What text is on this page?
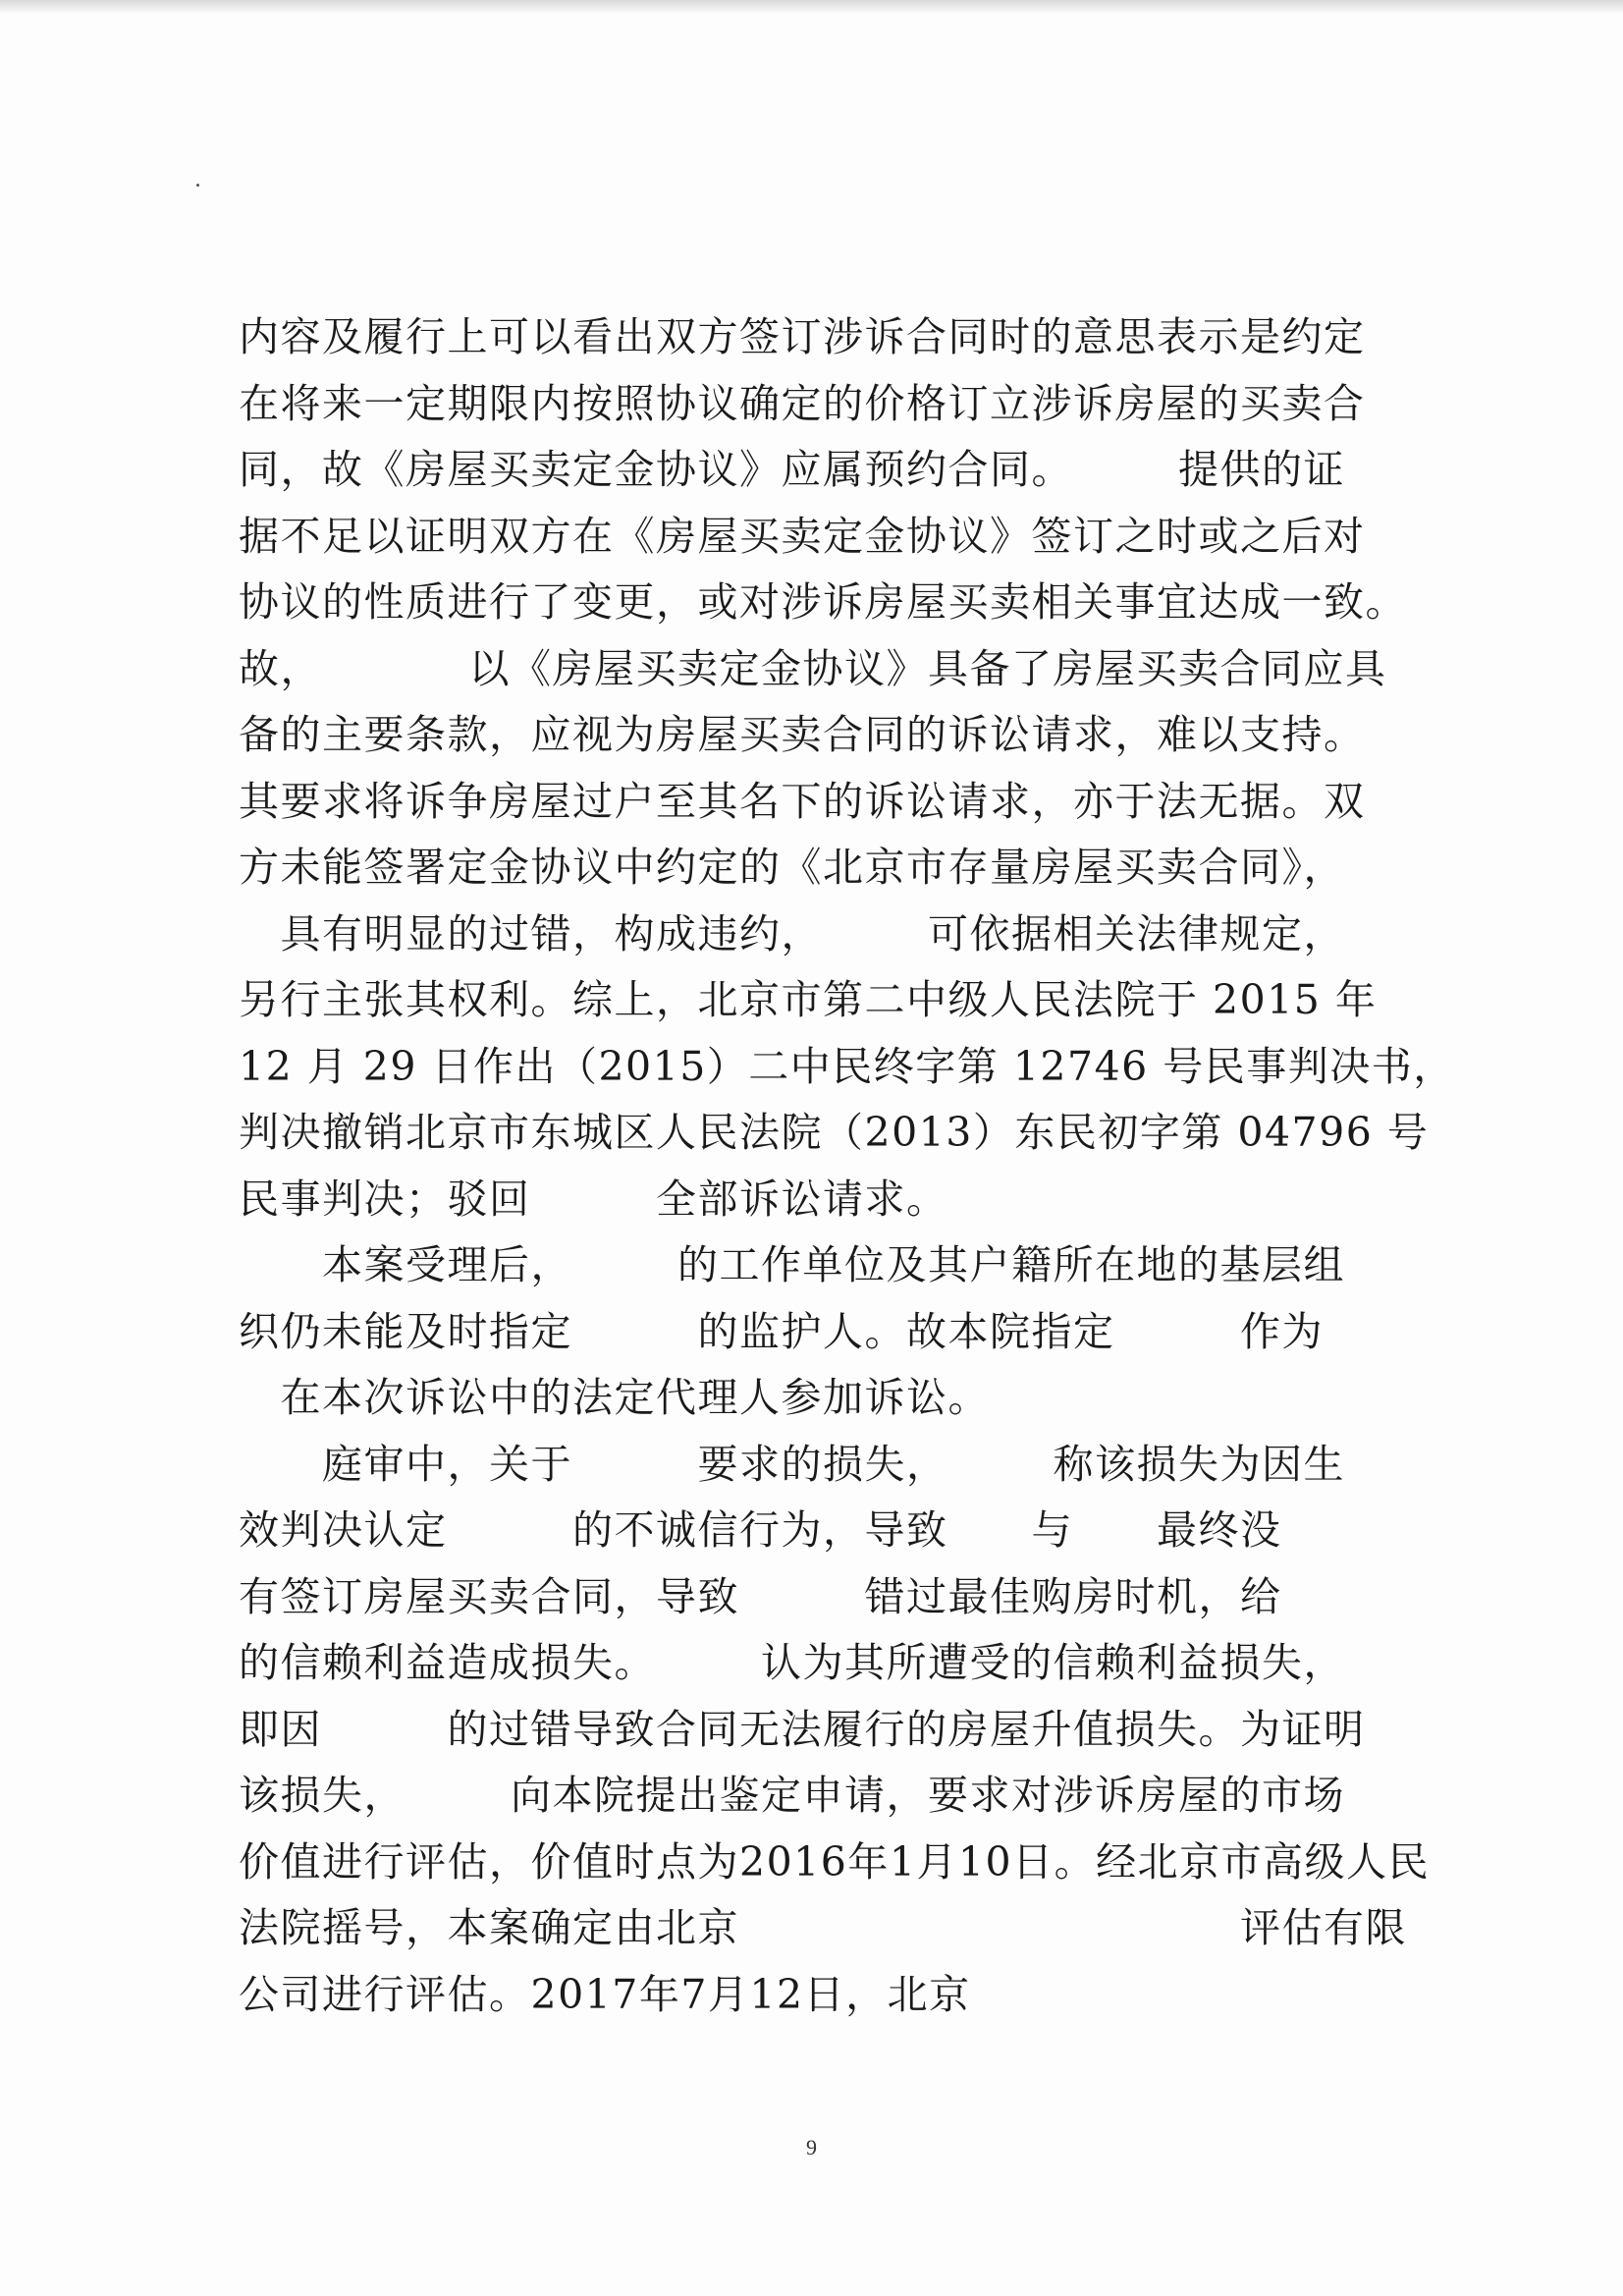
内容及履行上可以看出双方签订涉诉合同时的意思表示是约定
在将来一定期限内按照协议确定的价格订立涉诉房屋的买卖合
同，故《房屋买卖定金协议》应属预约合同。　　　提供的证
据不足以证明双方在《房屋买卖定金协议》签订之时或之后对
协议的性质进行了变更，或对涉诉房屋买卖相关事宜达成一致。
故，　　　　以《房屋买卖定金协议》具备了房屋买卖合同应具
备的主要条款，应视为房屋买卖合同的诉讼请求，难以支持。
其要求将诉争房屋过户至其名下的诉讼请求，亦于法无据。双
方未能签署定金协议中约定的《北京市存量房屋买卖合同》，
　具有明显的过错，构成违约，　　　可依据相关法律规定，
另行主张其权利。综上，北京市第二中级人民法院于 2015 年
12 月 29 日作出（2015）二中民终字第 12746 号民事判决书，
判决撤销北京市东城区人民法院（2013）东民初字第 04796 号
民事判决；驳回　　　全部诉讼请求。
　　本案受理后，　　　的工作单位及其户籍所在地的基层组
织仍未能及时指定　　　的监护人。故本院指定　　　作为
　在本次诉讼中的法定代理人参加诉讼。
　　庭审中，关于　　　要求的损失，　　　称该损失为因生
效判决认定　　　的不诚信行为，导致　　与　　最终没
有签订房屋买卖合同，导致　　　错过最佳购房时机，给
的信赖利益造成损失。　　　认为其所遭受的信赖利益损失，
即因　　　的过错导致合同无法履行的房屋升值损失。为证明
该损失，　　　向本院提出鉴定申请，要求对涉诉房屋的市场
价值进行评估，价值时点为2016年1月10日。经北京市高级人民
法院摇号，本案确定由北京　　　　　　　　　　　　评估有限
公司进行评估。2017年7月12日，北京
9
